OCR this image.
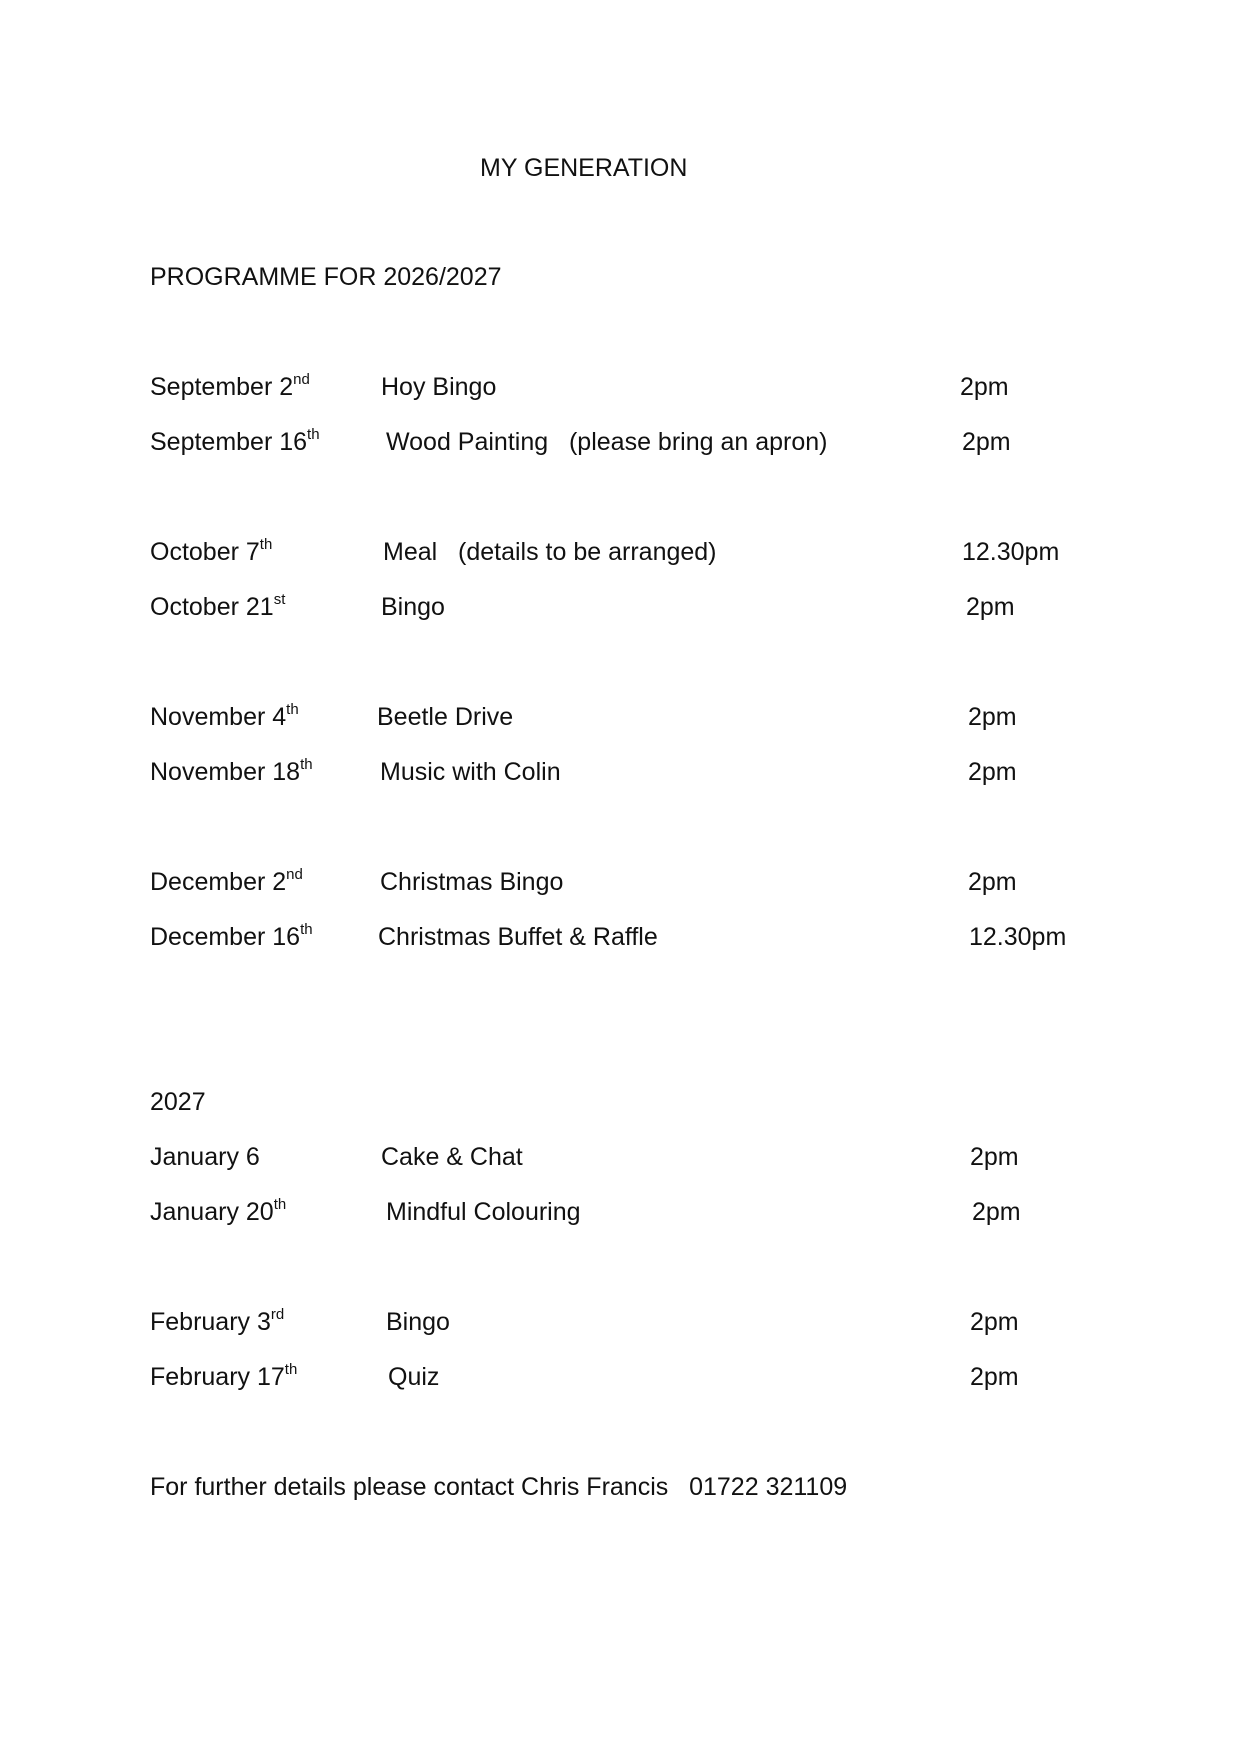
MY GENERATION
PROGRAMME FOR 2026/2027
September 2nd	Hoy Bingo	2pm
September 16th	Wood Painting   (please bring an apron)	2pm
October 7th	Meal   (details to be arranged)	12.30pm
October 21st	Bingo	2pm
November 4th	Beetle Drive	2pm
November 18th	Music with Colin	2pm
December 2nd	Christmas Bingo	2pm
December 16th	Christmas Buffet & Raffle	12.30pm
2027
January 6	Cake & Chat	2pm
January 20th	Mindful Colouring	2pm
February 3rd	Bingo	2pm
February 17th	Quiz	2pm
For further details please contact Chris Francis   01722 321109
